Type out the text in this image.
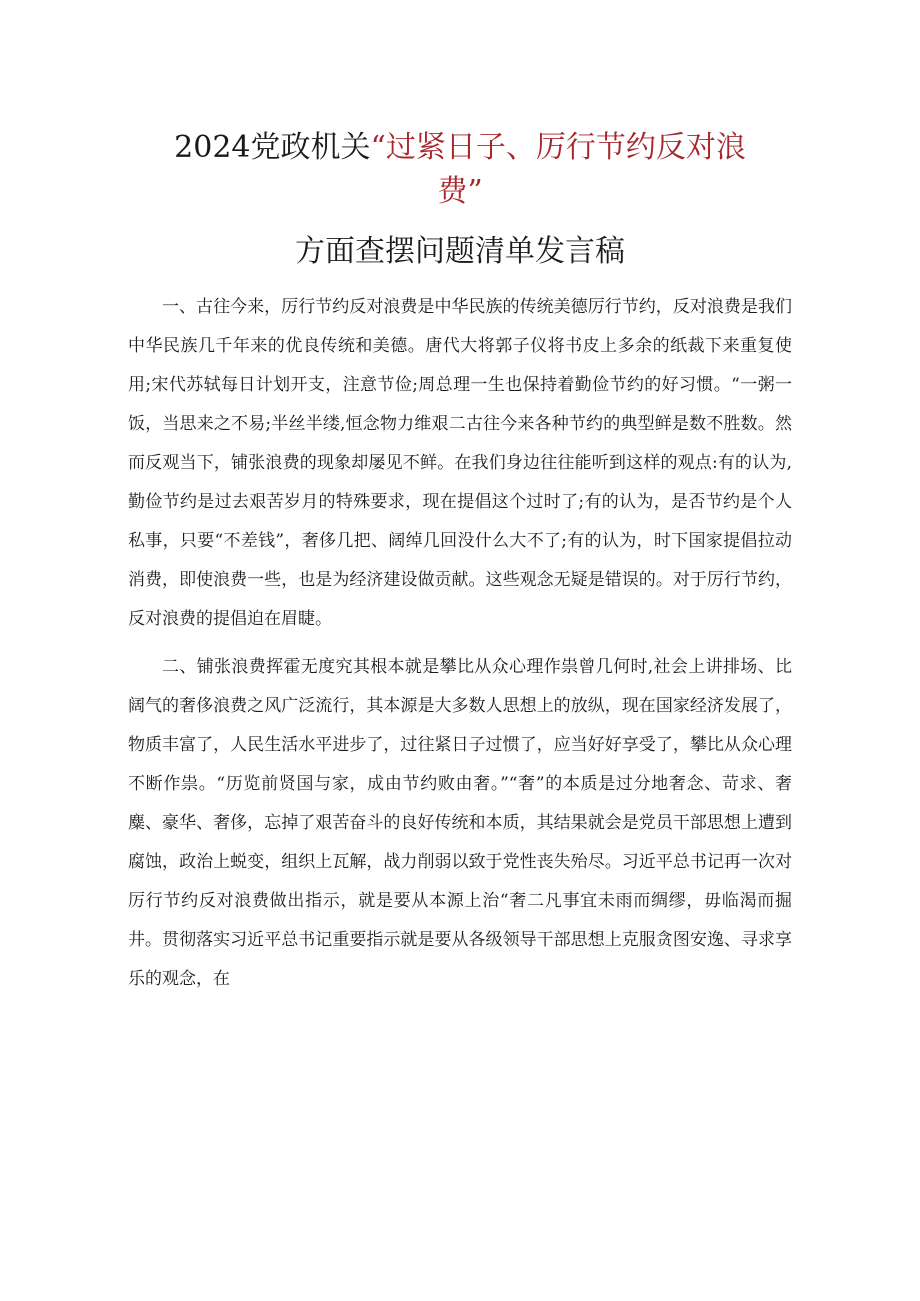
2024党政机关“过紧日子、厉行节约反对浪
费”
方面查摆问题清单发言稿

一、古往今来，厉行节约反对浪费是中华民族的传统美德厉行节约，反对浪费是我们中华民族几千年来的优良传统和美德。唐代大将郭子仪将书皮上多余的纸裁下来重复使用;宋代苏轼每日计划开支，注意节俭;周总理一生也保持着勤俭节约的好习惯。“一粥一饭，当思来之不易;半丝半缕,恒念物力维艰二古往今来各种节约的典型鲜是数不胜数。然而反观当下，铺张浪费的现象却屡见不鲜。在我们身边往往能听到这样的观点:有的认为,勤俭节约是过去艰苦岁月的特殊要求，现在提倡这个过时了;有的认为，是否节约是个人私事，只要“不差钱”，奢侈几把、阔绰几回没什么大不了;有的认为，时下国家提倡拉动消费，即使浪费一些，也是为经济建设做贡献。这些观念无疑是错误的。对于厉行节约，反对浪费的提倡迫在眉睫。

二、铺张浪费挥霍无度究其根本就是攀比从众心理作祟曾几何时,社会上讲排场、比阔气的奢侈浪费之风广泛流行，其本源是大多数人思想上的放纵，现在国家经济发展了，物质丰富了，人民生活水平进步了，过往紧日子过惯了，应当好好享受了，攀比从众心理不断作祟。“历览前贤国与家，成由节约败由奢。”“奢”的本质是过分地奢念、苛求、奢麋、豪华、奢侈，忘掉了艰苦奋斗的良好传统和本质，其结果就会是党员干部思想上遭到腐蚀，政治上蜕变，组织上瓦解，战力削弱以致于党性丧失殆尽。习近平总书记再一次对厉行节约反对浪费做出指示，就是要从本源上治“奢二凡事宜未雨而绸缪，毋临渴而掘井。贯彻落实习近平总书记重要指示就是要从各级领导干部思想上克服贪图安逸、寻求享乐的观念，在
